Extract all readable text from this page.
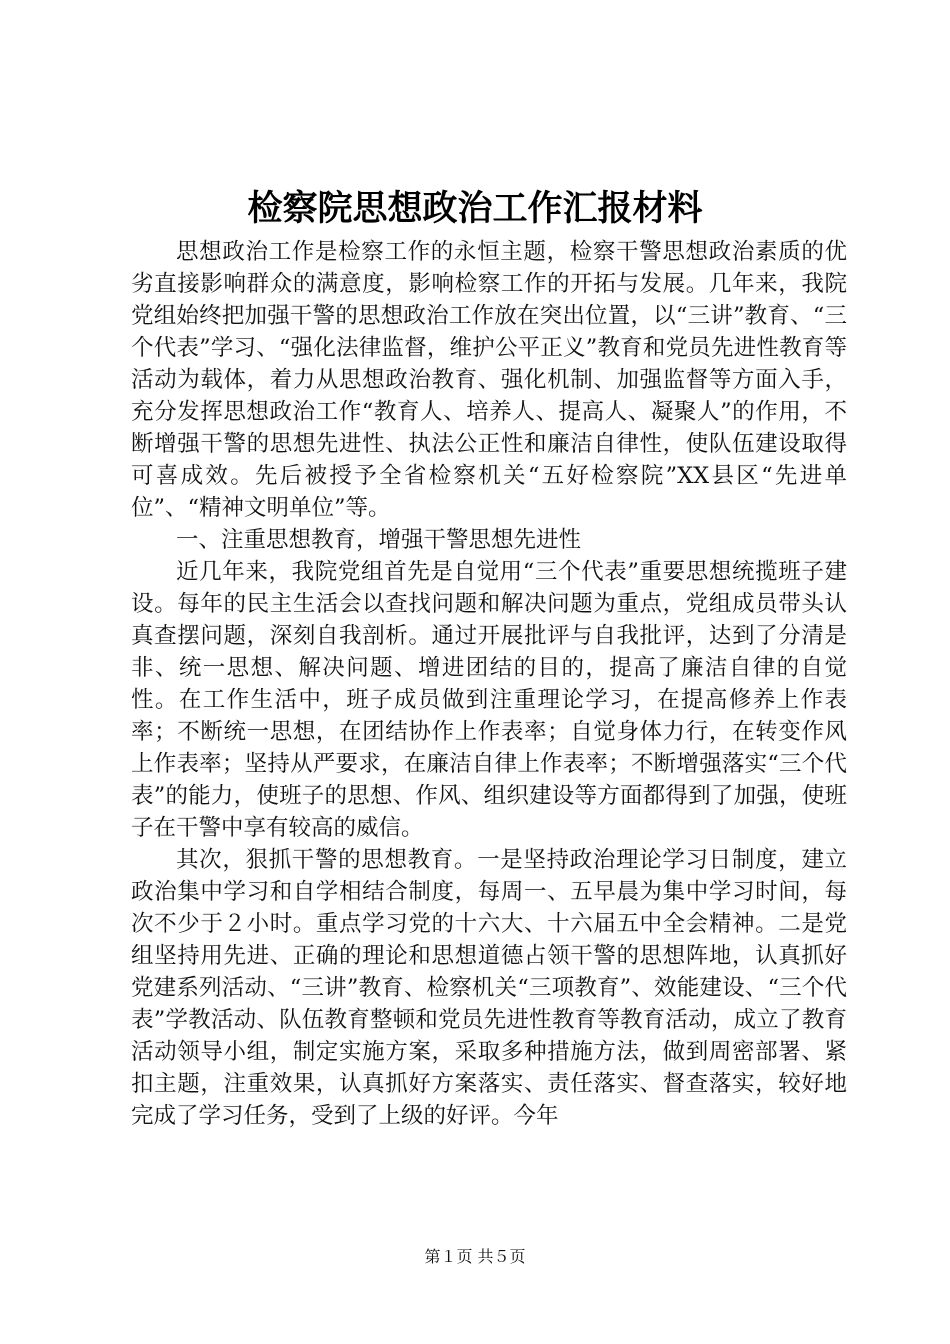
检察院思想政治工作汇报材料

思想政治工作是检察工作的永恒主题，检察干警思想政治素质的优劣直接影响群众的满意度，影响检察工作的开拓与发展。几年来，我院党组始终把加强干警的思想政治工作放在突出位置，以“三讲”教育、“三个代表”学习、“强化法律监督，维护公平正义”教育和党员先进性教育等活动为载体，着力从思想政治教育、强化机制、加强监督等方面入手，充分发挥思想政治工作“教育人、培养人、提高人、凝聚人”的作用，不断增强干警的思想先进性、执法公正性和廉洁自律性，使队伍建设取得可喜成效。先后被授予全省检察机关“五好检察院”XX县区“先进单位”、“精神文明单位”等。

一、注重思想教育，增强干警思想先进性

近几年来，我院党组首先是自觉用“三个代表”重要思想统揽班子建设。每年的民主生活会以查找问题和解决问题为重点，党组成员带头认真查摆问题，深刻自我剖析。通过开展批评与自我批评，达到了分清是非、统一思想、解决问题、增进团结的目的，提高了廉洁自律的自觉性。在工作生活中，班子成员做到注重理论学习，在提高修养上作表率；不断统一思想，在团结协作上作表率；自觉身体力行，在转变作风上作表率；坚持从严要求，在廉洁自律上作表率；不断增强落实“三个代表”的能力，使班子的思想、作风、组织建设等方面都得到了加强，使班子在干警中享有较高的威信。

其次，狠抓干警的思想教育。一是坚持政治理论学习日制度，建立政治集中学习和自学相结合制度，每周一、五早晨为集中学习时间，每次不少于２小时。重点学习党的十六大、十六届五中全会精神。二是党组坚持用先进、正确的理论和思想道德占领干警的思想阵地，认真抓好党建系列活动、“三讲”教育、检察机关“三项教育”、效能建设、“三个代表”学教活动、队伍教育整顿和党员先进性教育等教育活动，成立了教育活动领导小组，制定实施方案，采取多种措施方法，做到周密部署、紧扣主题，注重效果，认真抓好方案落实、责任落实、督查落实，较好地完成了学习任务，受到了上级的好评。今年

第１页 共５页
